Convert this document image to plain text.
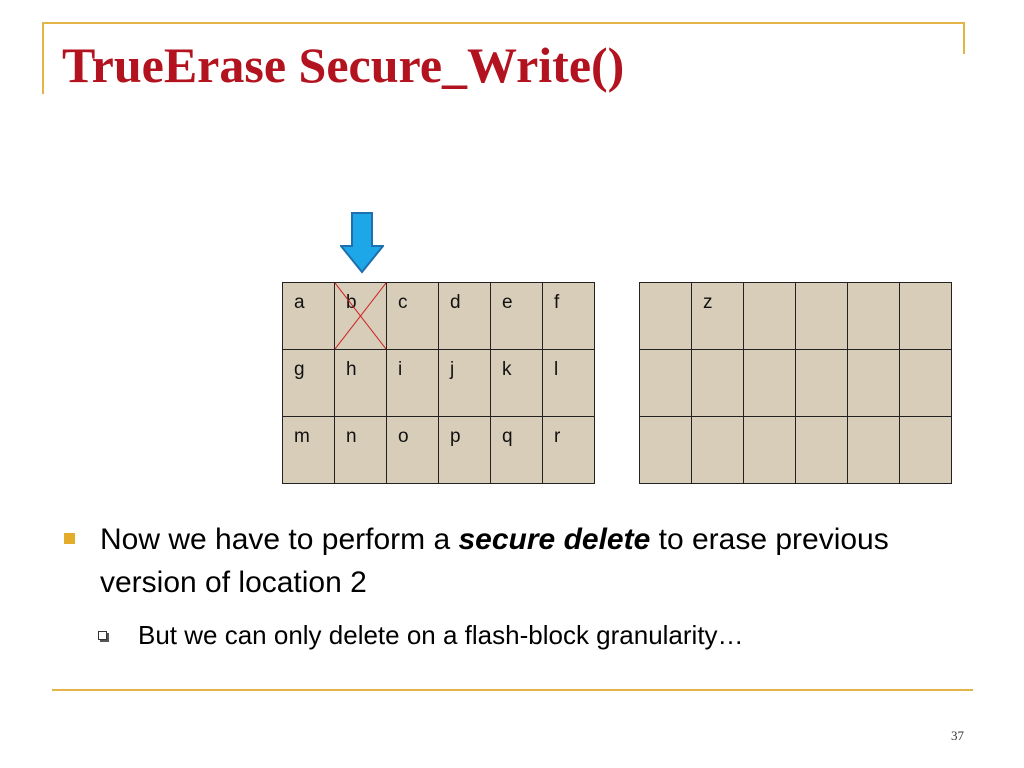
TrueErase Secure_Write()
a	b	c	d	e	f

g	h	i	j	k	l

m	n	o	p	q	r

	z				

Now we have to perform a secure delete to erase previous version of location 2

But we can only delete on a flash-block granularity…

37
